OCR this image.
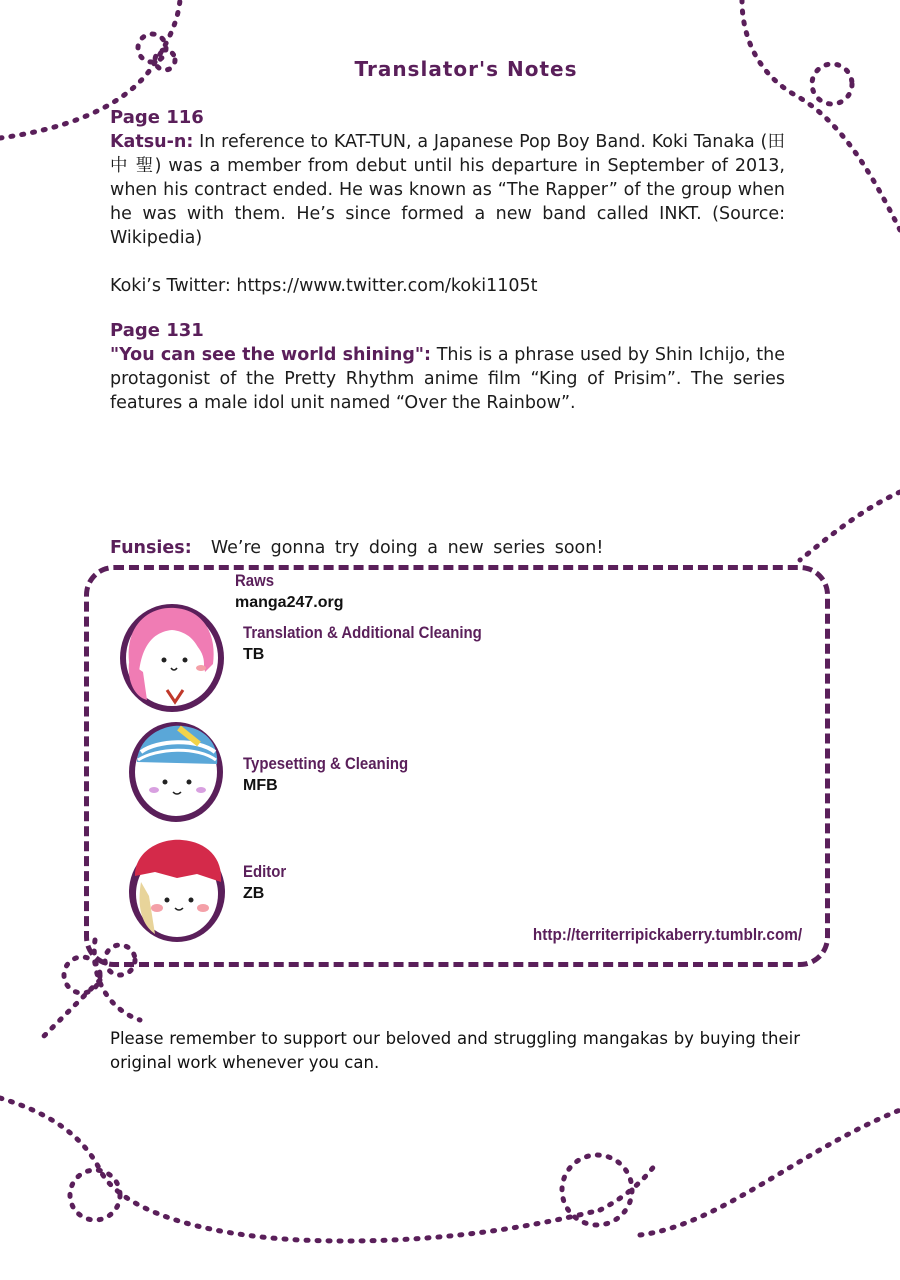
Translator's Notes
Page 116
Katsu-n: In reference to KAT-TUN, a Japanese Pop Boy Band. Koki Tanaka (田中 聖) was a member from debut until his departure in September of 2013, when his contract ended. He was known as “The Rapper” of the group when he was with them. He’s since formed a new band called INKT. (Source: Wikipedia)
Koki’s Twitter: https://www.twitter.com/koki1105t
Page 131
"You can see the world shining": This is a phrase used by Shin Ichijo, the protagonist of the Pretty Rhythm anime film “King of Prisim”. The series features a male idol unit named “Over the Rainbow”.
Funsies: We’re gonna try doing a new series soon!
Raws
manga247.org
Translation & Additional Cleaning
TB
Typesetting & Cleaning
MFB
Editor
ZB
http://territerripickaberry.tumblr.com/
Please remember to support our beloved and struggling mangakas by buying their original work whenever you can.
